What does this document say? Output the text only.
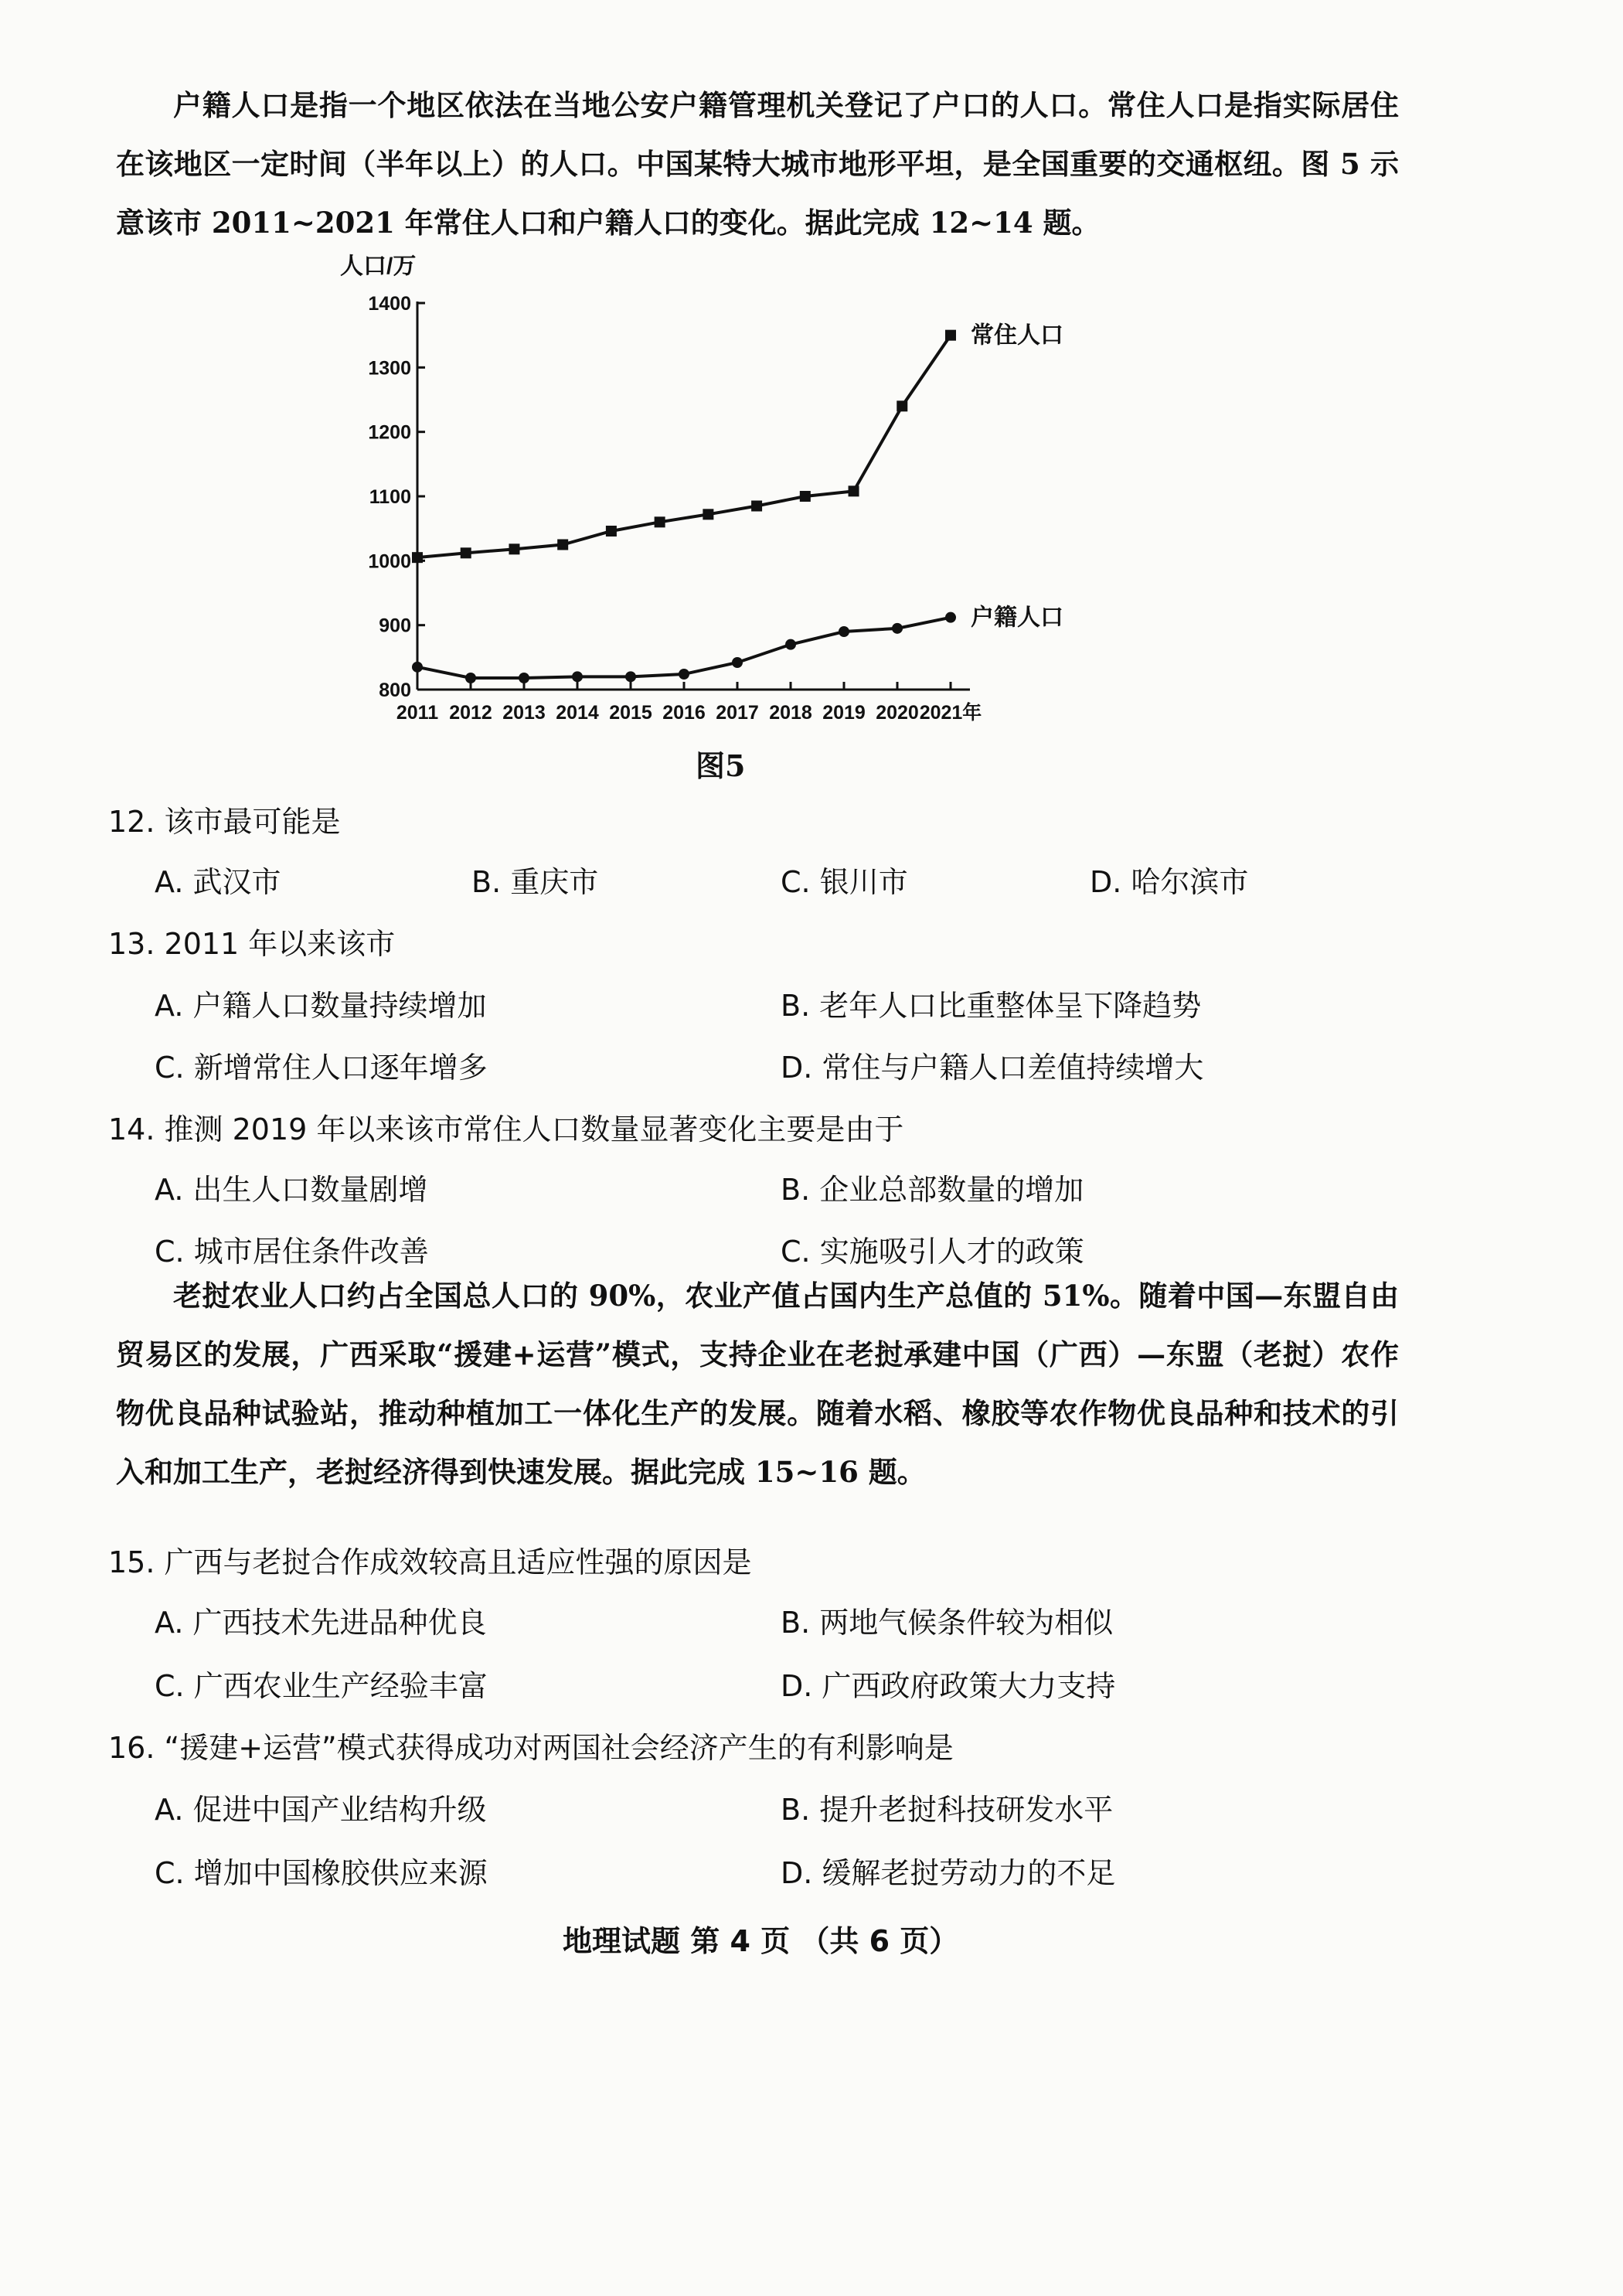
户籍人口是指一个地区依法在当地公安户籍管理机关登记了户口的人口。常住人口是指实际居住在该地区一定时间（半年以上）的人口。中国某特大城市地形平坦，是全国重要的交通枢纽。图 5 示意该市 2011~2021 年常住人口和户籍人口的变化。据此完成 12~14 题。

人口/万
800
900
1000
1100
1200
1300
1400
2011 2012 2013 2014 2015 2016 2017 2018 2019 2020 2021年
常住人口
户籍人口

图5

12. 该市最可能是

A. 武汉市	B. 重庆市	C. 银川市	D. 哈尔滨市

13. 2011 年以来该市

A. 户籍人口数量持续增加	B. 老年人口比重整体呈下降趋势

C. 新增常住人口逐年增多	D. 常住与户籍人口差值持续增大

14. 推测 2019 年以来该市常住人口数量显著变化主要是由于

A. 出生人口数量剧增	B. 企业总部数量的增加

C. 城市居住条件改善	C. 实施吸引人才的政策

老挝农业人口约占全国总人口的 90%，农业产值占国内生产总值的 51%。随着中国—东盟自由贸易区的发展，广西采取“援建+运营”模式，支持企业在老挝承建中国（广西）—东盟（老挝）农作物优良品种试验站，推动种植加工一体化生产的发展。随着水稻、橡胶等农作物优良品种和技术的引入和加工生产，老挝经济得到快速发展。据此完成 15~16 题。

15. 广西与老挝合作成效较高且适应性强的原因是

A. 广西技术先进品种优良	B. 两地气候条件较为相似

C. 广西农业生产经验丰富	D. 广西政府政策大力支持

16. “援建+运营”模式获得成功对两国社会经济产生的有利影响是

A. 促进中国产业结构升级	B. 提升老挝科技研发水平

C. 增加中国橡胶供应来源	D. 缓解老挝劳动力的不足

地理试题 第 4 页 （共 6 页）
